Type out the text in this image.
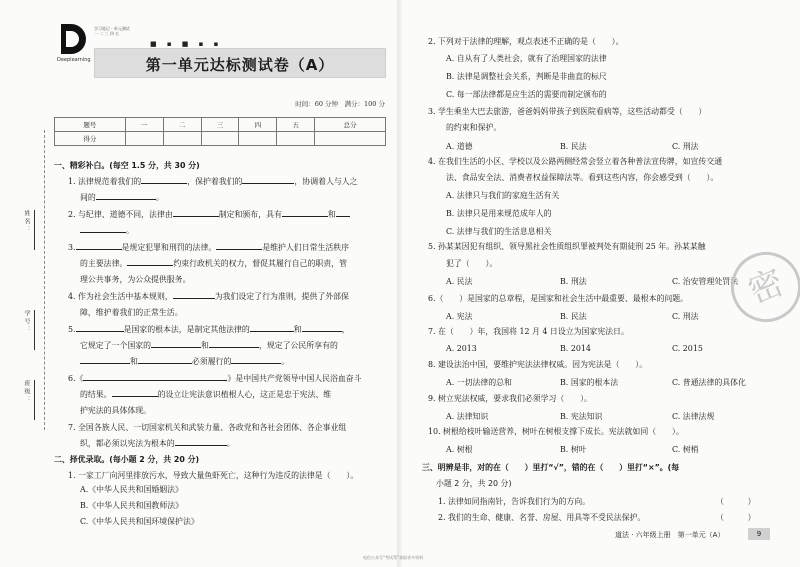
姓名：
学号：
班级：
Deeplearning
学习笔记 · 单元测试
一 二 三 四 五
■ ▪ ■ ▪ ▪
第一单元达标测试卷（A）
时间：60 分钟　满分：100 分
题号	一	二	三	四	五	总分
得分						
一、精彩补白。(每空 1.5 分，共 30 分)
1. 法律规范着我们的	，保护着我们的	，协调着人与人之
间的	。
2. 与纪律、道德不同，法律由	制定和颁布，具有	和
。
3.	是规定犯罪和刑罚的法律。	是维护人们日常生活秩序
的主要法律。	约束行政机关的权力，督促其履行自己的职责，管
理公共事务，为公众提供服务。
4. 作为社会生活中基本规则，	为我们设定了行为准则，提供了外部保
障，维护着我们的正常生活。
5.	是国家的根本法，是制定其他法律的	和	，
它规定了一个国家的	和	，规定了公民所享有的
和	必须履行的	。
6.《	》是中国共产党领导中国人民浴血奋斗
的结果。	的设立让宪法意识植根人心，这正是忠于宪法、维
护宪法的具体体现。
7. 全国各族人民、一切国家机关和武装力量、各政党和各社会团体、各企事业组
织，都必须以宪法为根本的	。
二、择优录取。(每小题 2 分，共 20 分)
1. 一家工厂向河里排放污水，导致大量鱼虾死亡，这种行为违反的法律是（　　）。
A.《中华人民共和国婚姻法》
B.《中华人民共和国教师法》
C.《中华人民共和国环境保护法》
2. 下列对于法律的理解，观点表述不正确的是（　　）。
A. 自从有了人类社会，就有了治理国家的法律
B. 法律是调整社会关系，判断是非曲直的标尺
C. 每一部法律都是应生活的需要而制定颁布的
3. 学生乘坐大巴去旅游，爸爸妈妈带孩子到医院看病等，这些活动都受（　　）
的约束和保护。
A. 道德	B. 民法	C. 刑法
4. 在我们生活的小区、学校以及公路两侧经常会竖立着各种普法宣传牌，如宣传交通
法、食品安全法、消费者权益保障法等。看到这些内容，你会感受到（　　）。
A. 法律只与我们的家庭生活有关
B. 法律只是用来规范成年人的
C. 法律与我们的生活息息相关
5. 孙某某因犯有组织、领导黑社会性质组织罪被判处有期徒刑 25 年。孙某某触
犯了（　　）。
A. 民法	B. 刑法	C. 治安管理处罚法
6.（　　）是国家的总章程，是国家和社会生活中最重要、最根本的问题。
A. 宪法	B. 民法	C. 刑法
7. 在（　　）年，我国将 12 月 4 日设立为国家宪法日。
A. 2013	B. 2014	C. 2015
8. 建设法治中国，要维护宪法法律权威。因为宪法是（　　）。
A. 一切法律的总和	B. 国家的根本法	C. 普通法律的具体化
9. 树立宪法权威，要求我们必须学习（　　）。
A. 法律知识	B. 宪法知识	C. 法律法规
10. 树根给枝叶输送营养，树叶在树根支撑下成长。宪法就如同（　　）。
A. 树根	B. 树叶	C. 树梢
三、明辨是非，对的在（　　）里打“√”，错的在（　　）里打“×”。(每
小题 2 分，共 20 分)
1. 法律如同指南针，告诉我们行为的方向。	（　　　）
2. 我们的生命、健康、名誉、房屋、用具等不受民法保护。	（　　　）
密
道法 · 六年级上册　第一单元（A）	9
电信公众号“考试帮”获取更多资料
